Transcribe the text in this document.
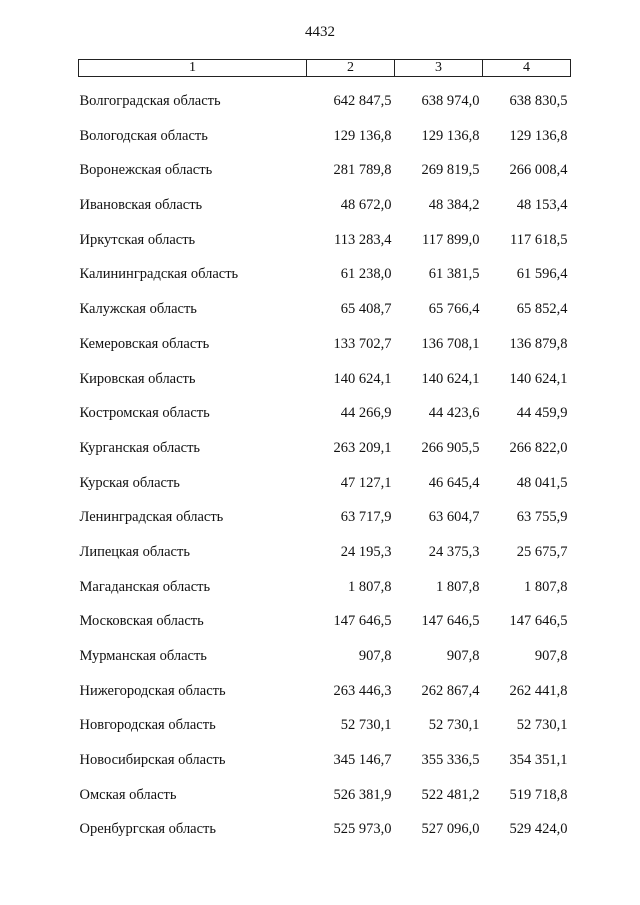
4432
1	2	3	4
Волгоградская область	642 847,5	638 974,0	638 830,5
Вологодская область	129 136,8	129 136,8	129 136,8
Воронежская область	281 789,8	269 819,5	266 008,4
Ивановская область	48 672,0	48 384,2	48 153,4
Иркутская область	113 283,4	117 899,0	117 618,5
Калининградская область	61 238,0	61 381,5	61 596,4
Калужская область	65 408,7	65 766,4	65 852,4
Кемеровская область	133 702,7	136 708,1	136 879,8
Кировская область	140 624,1	140 624,1	140 624,1
Костромская область	44 266,9	44 423,6	44 459,9
Курганская область	263 209,1	266 905,5	266 822,0
Курская область	47 127,1	46 645,4	48 041,5
Ленинградская область	63 717,9	63 604,7	63 755,9
Липецкая область	24 195,3	24 375,3	25 675,7
Магаданская область	1 807,8	1 807,8	1 807,8
Московская область	147 646,5	147 646,5	147 646,5
Мурманская область	907,8	907,8	907,8
Нижегородская область	263 446,3	262 867,4	262 441,8
Новгородская область	52 730,1	52 730,1	52 730,1
Новосибирская область	345 146,7	355 336,5	354 351,1
Омская область	526 381,9	522 481,2	519 718,8
Оренбургская область	525 973,0	527 096,0	529 424,0
